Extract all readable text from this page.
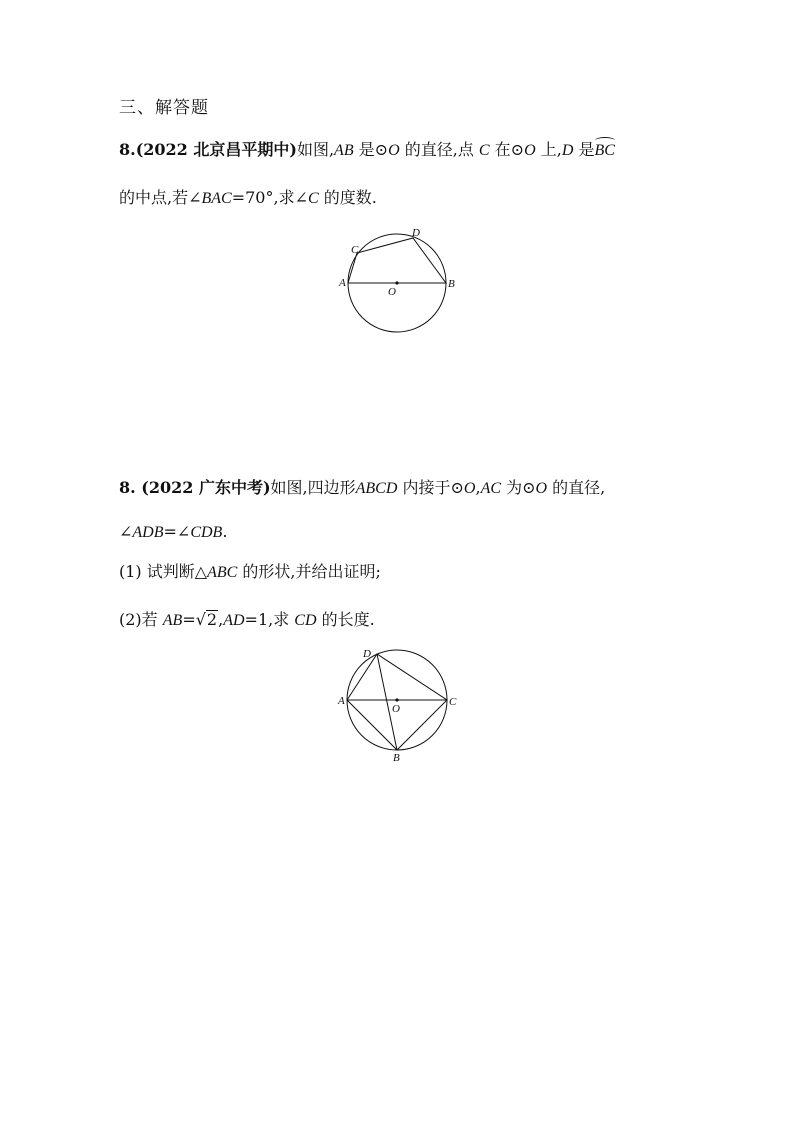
三、解答题
8.(2022 北京昌平期中)如图,AB 是⊙O 的直径,点 C 在⊙O 上,D 是BC
的中点,若∠BAC=70°,求∠C 的度数.
A	B
C
D
O
8. (2022 广东中考)如图,四边形ABCD 内接于⊙O,AC 为⊙O 的直径,
∠ADB=∠CDB.
(1) 试判断△ABC 的形状,并给出证明;
(2)若 AB=√2,AD=1,求 CD 的长度.
A
B
C
D
O
